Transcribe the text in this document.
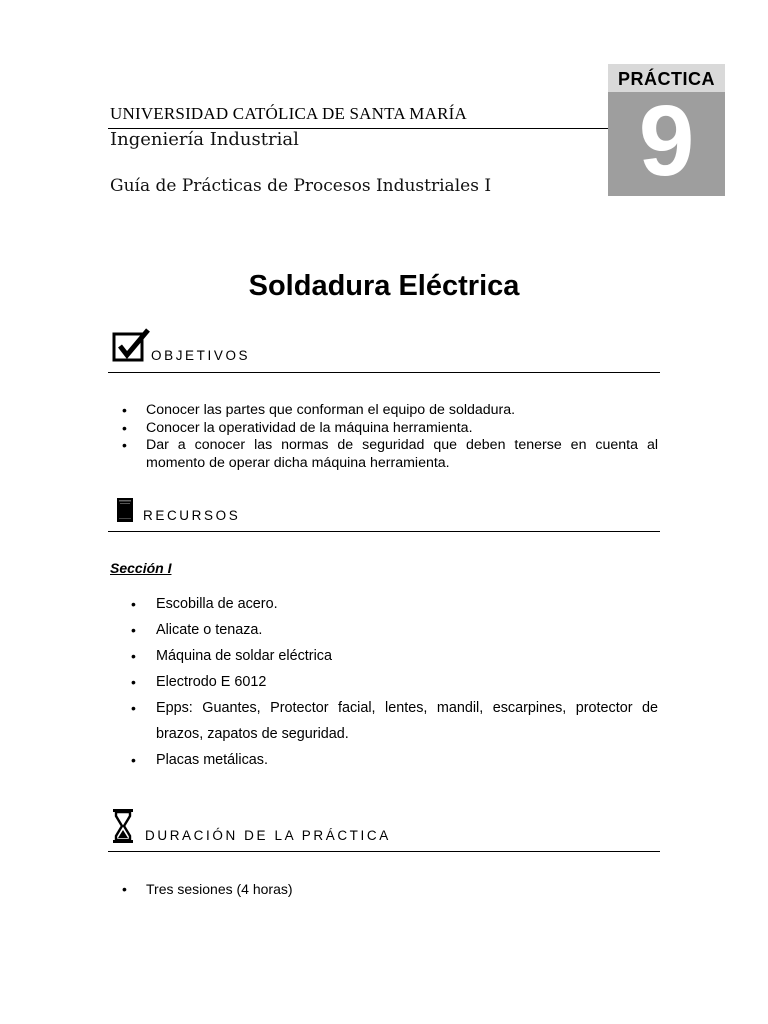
UNIVERSIDAD CATÓLICA DE SANTA MARÍA
Ingeniería Industrial
Guía de Prácticas de Procesos Industriales I
PRÁCTICA
9
Soldadura Eléctrica
OBJETIVOS
• Conocer las partes que conforman el equipo de soldadura.
• Conocer la operatividad de la máquina herramienta.
• Dar a conocer las normas de seguridad que deben tenerse en cuenta al momento de operar dicha máquina herramienta.
RECURSOS
Sección I
• Escobilla de acero.
• Alicate o tenaza.
• Máquina de soldar eléctrica
• Electrodo E 6012
• Epps: Guantes, Protector facial, lentes, mandil, escarpines, protector de brazos, zapatos de seguridad.
• Placas metálicas.
DURACIÓN DE LA PRÁCTICA
• Tres sesiones (4 horas)
